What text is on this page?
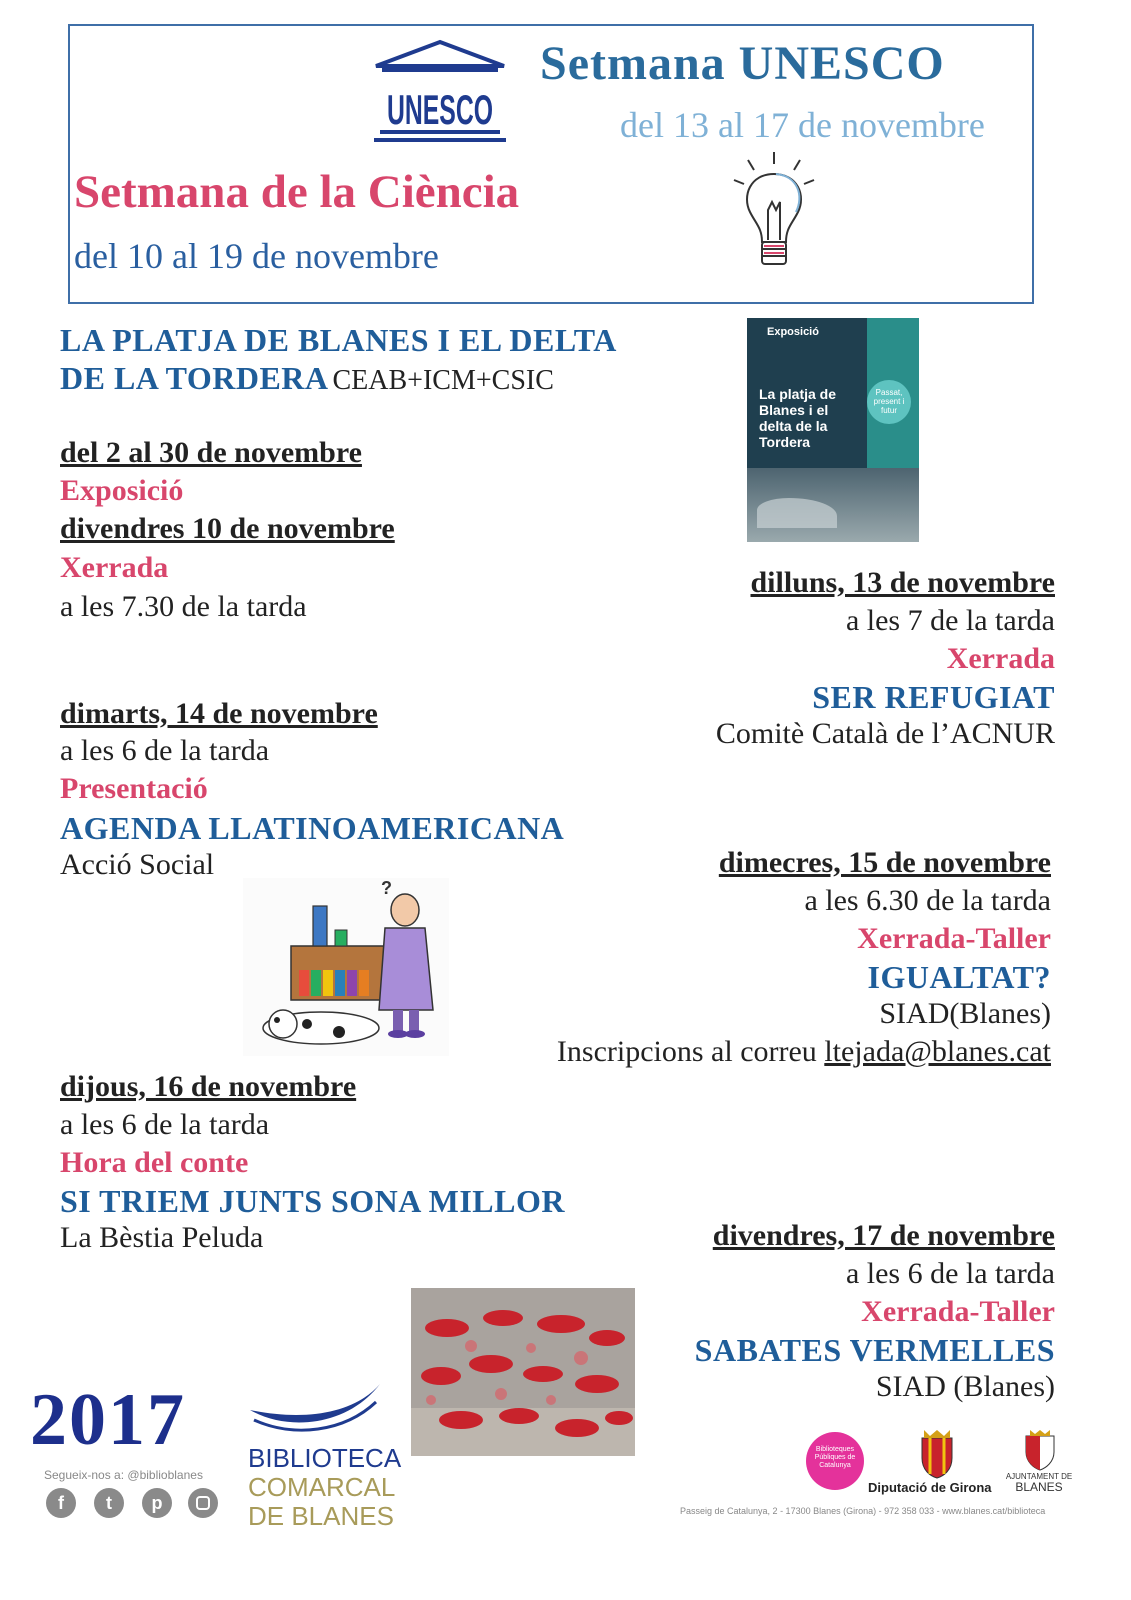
UNESCO
Setmana UNESCO
del 13 al 17 de novembre
Setmana de la Ciència
del 10 al 19 de novembre
LA PLATJA DE BLANES I EL DELTA
DE LA TORDERA CEAB+ICM+CSIC
del 2 al 30 de novembre
Exposició
divendres 10 de novembre
Xerrada
a les 7.30 de la tarda
Exposició
La platja de Blanes i el delta de la Tordera
Passat, present i futur
dilluns, 13 de novembre
a les 7 de la tarda
Xerrada
SER REFUGIAT
Comitè Català de l’ACNUR
dimarts, 14 de novembre
a les 6 de la tarda
Presentació
AGENDA LLATINOAMERICANA
Acció Social
?
dimecres, 15 de novembre
a les 6.30 de la tarda
Xerrada-Taller
IGUALTAT?
SIAD(Blanes)
Inscripcions al correu ltejada@blanes.cat
dijous, 16 de novembre
a les 6 de la tarda
Hora del conte
SI TRIEM JUNTS SONA MILLOR
La Bèstia Peluda	divendres, 17 de novembre
a les 6 de la tarda
Xerrada-Taller
SABATES VERMELLES
SIAD (Blanes)
2017
Segueix-nos a: @biblioblanes
f	t	p
BIBLIOTECA
COMARCAL
DE BLANES
Biblioteques Públiques de Catalunya
Diputació de Girona
AJUNTAMENT DE
BLANES
Passeig de Catalunya, 2 - 17300 Blanes (Girona) - 972 358 033 - www.blanes.cat/biblioteca
